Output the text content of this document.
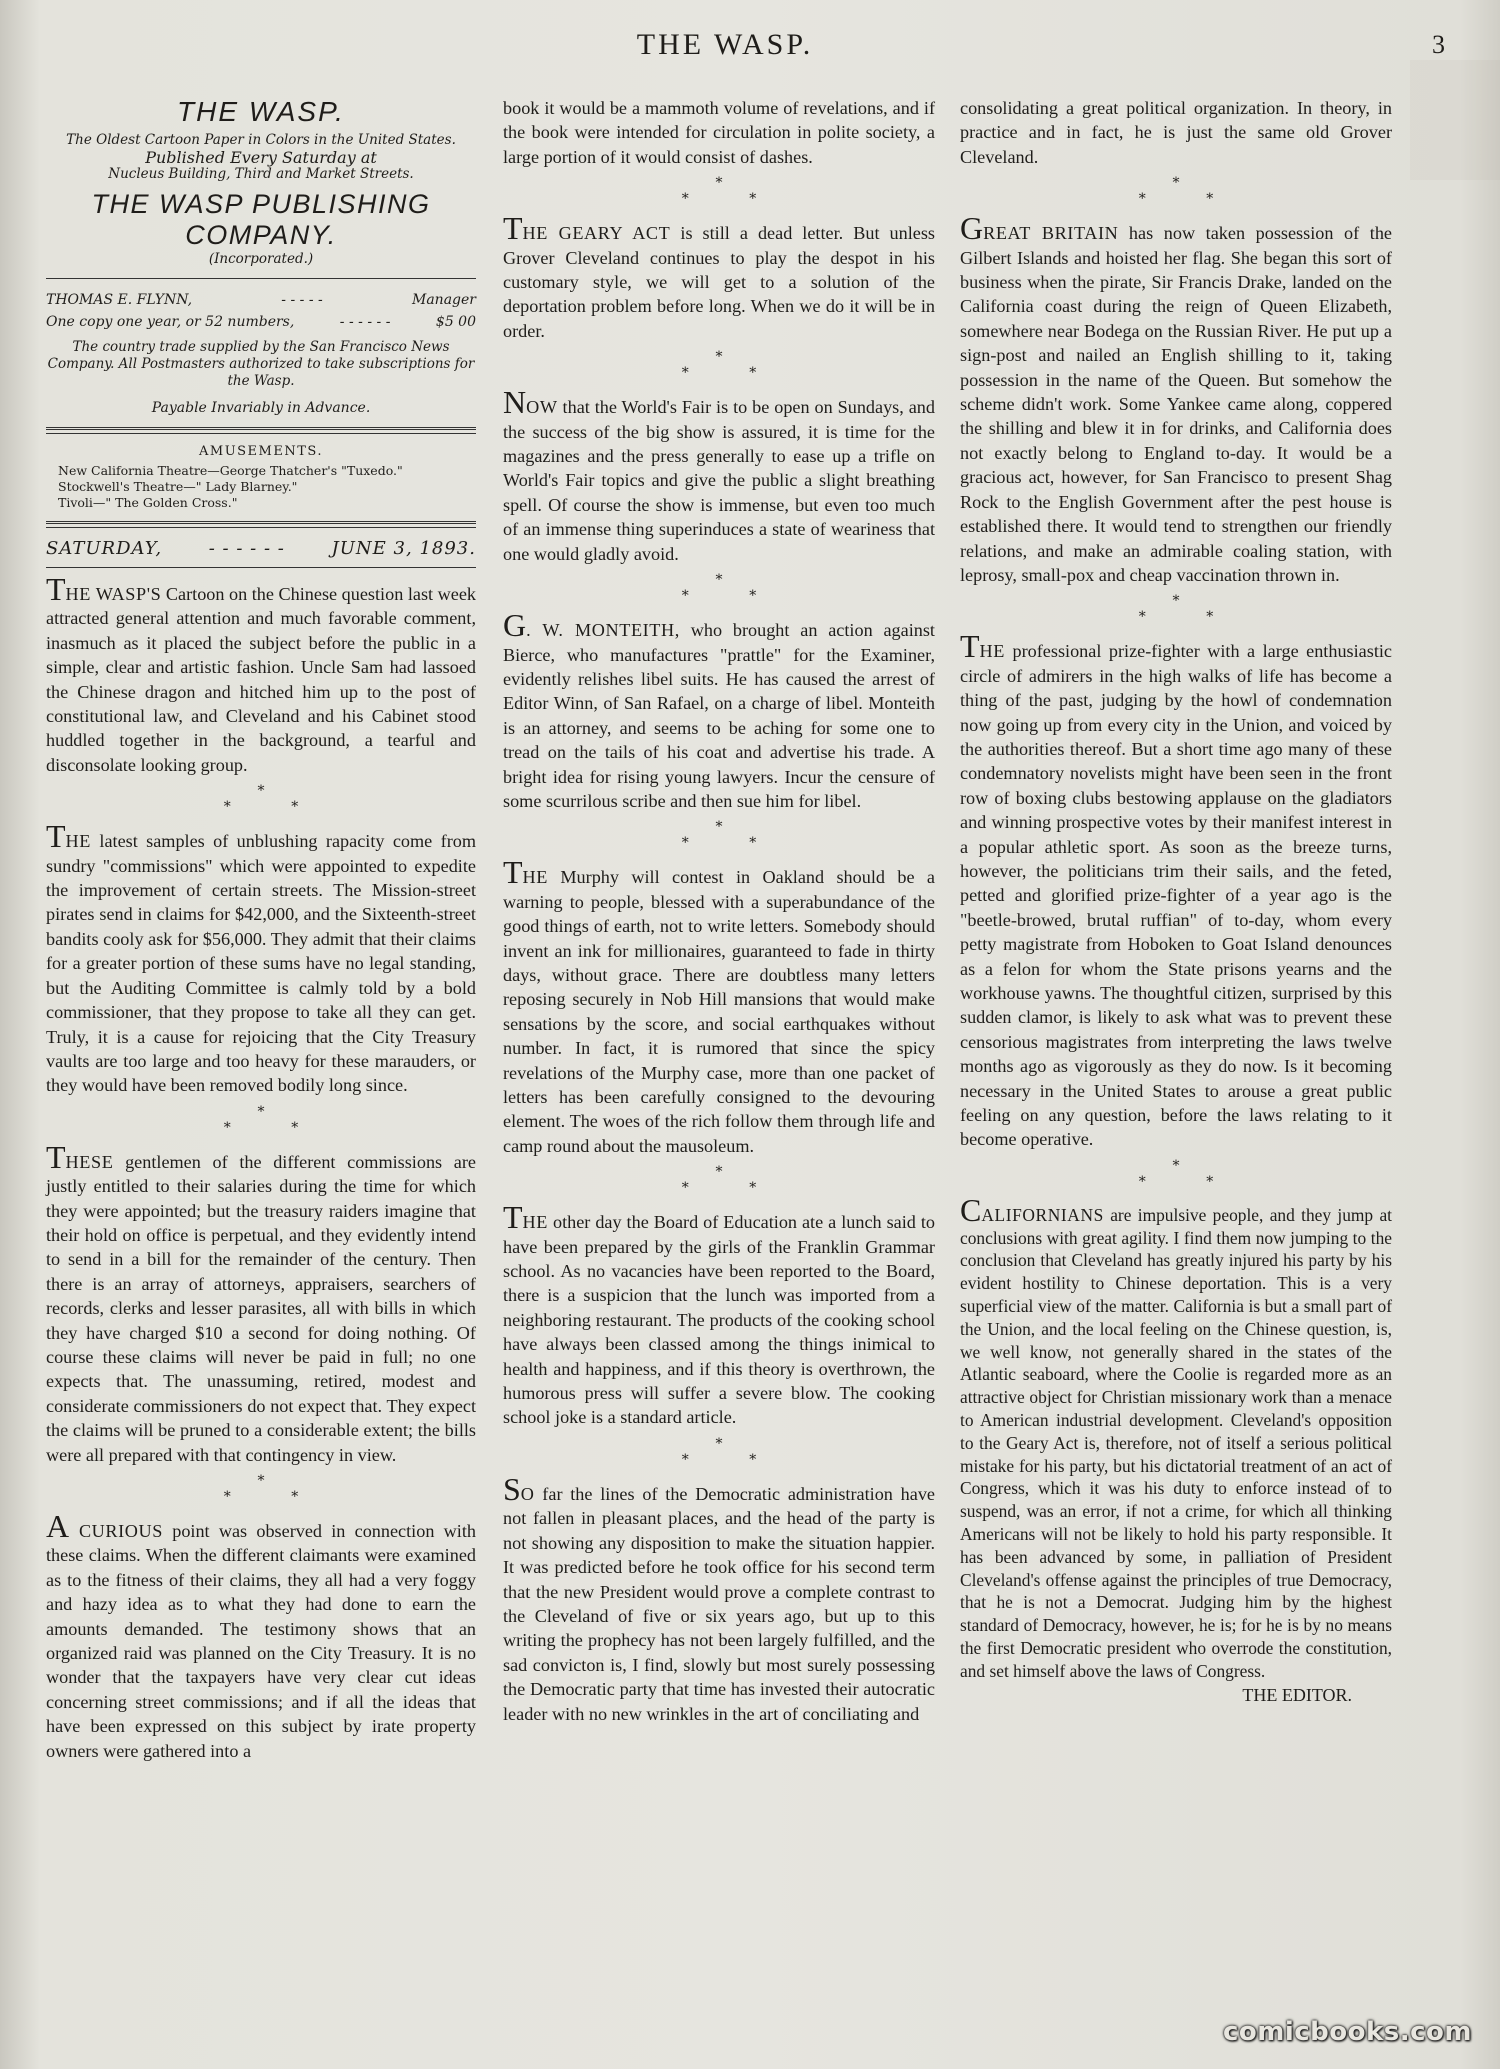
THE WASP.	3

THE WASP.

The Oldest Cartoon Paper in Colors in the United States.

Published Every Saturday at

Nucleus Building, Third and Market Streets.

THE WASP PUBLISHING COMPANY.

(Incorporated.)

THOMAS E. FLYNN,	- - - - -	Manager
One copy one year, or 52 numbers,	- - - - - -	$5 00

The country trade supplied by the San Francisco News Company. All Postmasters authorized to take subscriptions for the Wasp.

Payable Invariably in Advance.

AMUSEMENTS.

New California Theatre—George Thatcher's "Tuxedo."

Stockwell's Theatre—" Lady Blarney."

Tivoli—" The Golden Cross."

SATURDAY,	- - - - - -	JUNE 3, 1893.

THE WASP'S Cartoon on the Chinese question last week attracted general attention and much favorable comment, inasmuch as it placed the subject before the public in a simple, clear and artistic fashion. Uncle Sam had lassoed the Chinese dragon and hitched him up to the post of constitutional law, and Cleveland and his Cabinet stood huddled together in the background, a tearful and disconsolate looking group.

*
* *

THE latest samples of unblushing rapacity come from sundry "commissions" which were appointed to expedite the improvement of certain streets. The Mission-street pirates send in claims for $42,000, and the Sixteenth-street bandits cooly ask for $56,000. They admit that their claims for a greater portion of these sums have no legal standing, but the Auditing Committee is calmly told by a bold commissioner, that they propose to take all they can get. Truly, it is a cause for rejoicing that the City Treasury vaults are too large and too heavy for these marauders, or they would have been removed bodily long since.

*
* *

THESE gentlemen of the different commissions are justly entitled to their salaries during the time for which they were appointed; but the treasury raiders imagine that their hold on office is perpetual, and they evidently intend to send in a bill for the remainder of the century. Then there is an array of attorneys, appraisers, searchers of records, clerks and lesser parasites, all with bills in which they have charged $10 a second for doing nothing. Of course these claims will never be paid in full; no one expects that. The unassuming, retired, modest and considerate commissioners do not expect that. They expect the claims will be pruned to a considerable extent; the bills were all prepared with that contingency in view.

*
* *

A CURIOUS point was observed in connection with these claims. When the different claimants were examined as to the fitness of their claims, they all had a very foggy and hazy idea as to what they had done to earn the amounts demanded. The testimony shows that an organized raid was planned on the City Treasury. It is no wonder that the taxpayers have very clear cut ideas concerning street commissions; and if all the ideas that have been expressed on this subject by irate property owners were gathered into a

book it would be a mammoth volume of revelations, and if the book were intended for circulation in polite society, a large portion of it would consist of dashes.

*
* *

THE GEARY ACT is still a dead letter. But unless Grover Cleveland continues to play the despot in his customary style, we will get to a solution of the deportation problem before long. When we do it will be in order.

*
* *

NOW that the World's Fair is to be open on Sundays, and the success of the big show is assured, it is time for the magazines and the press generally to ease up a trifle on World's Fair topics and give the public a slight breathing spell. Of course the show is immense, but even too much of an immense thing superinduces a state of weariness that one would gladly avoid.

*
* *

G. W. MONTEITH, who brought an action against Bierce, who manufactures "prattle" for the Examiner, evidently relishes libel suits. He has caused the arrest of Editor Winn, of San Rafael, on a charge of libel. Monteith is an attorney, and seems to be aching for some one to tread on the tails of his coat and advertise his trade. A bright idea for rising young lawyers. Incur the censure of some scurrilous scribe and then sue him for libel.

*
* *

THE Murphy will contest in Oakland should be a warning to people, blessed with a superabundance of the good things of earth, not to write letters. Somebody should invent an ink for millionaires, guaranteed to fade in thirty days, without grace. There are doubtless many letters reposing securely in Nob Hill mansions that would make sensations by the score, and social earthquakes without number. In fact, it is rumored that since the spicy revelations of the Murphy case, more than one packet of letters has been carefully consigned to the devouring element. The woes of the rich follow them through life and camp round about the mausoleum.

*
* *

THE other day the Board of Education ate a lunch said to have been prepared by the girls of the Franklin Grammar school. As no vacancies have been reported to the Board, there is a suspicion that the lunch was imported from a neighboring restaurant. The products of the cooking school have always been classed among the things inimical to health and happiness, and if this theory is overthrown, the humorous press will suffer a severe blow. The cooking school joke is a standard article.

*
* *

SO far the lines of the Democratic administration have not fallen in pleasant places, and the head of the party is not showing any disposition to make the situation happier. It was predicted before he took office for his second term that the new President would prove a complete contrast to the Cleveland of five or six years ago, but up to this writing the prophecy has not been largely fulfilled, and the sad convicton is, I find, slowly but most surely possessing the Democratic party that time has invested their autocratic leader with no new wrinkles in the art of conciliating and

consolidating a great political organization. In theory, in practice and in fact, he is just the same old Grover Cleveland.

*
* *

GREAT BRITAIN has now taken possession of the Gilbert Islands and hoisted her flag. She began this sort of business when the pirate, Sir Francis Drake, landed on the California coast during the reign of Queen Elizabeth, somewhere near Bodega on the Russian River. He put up a sign-post and nailed an English shilling to it, taking possession in the name of the Queen. But somehow the scheme didn't work. Some Yankee came along, coppered the shilling and blew it in for drinks, and California does not exactly belong to England to-day. It would be a gracious act, however, for San Francisco to present Shag Rock to the English Government after the pest house is established there. It would tend to strengthen our friendly relations, and make an admirable coaling station, with leprosy, small-pox and cheap vaccination thrown in.

*
* *

THE professional prize-fighter with a large enthusiastic circle of admirers in the high walks of life has become a thing of the past, judging by the howl of condemnation now going up from every city in the Union, and voiced by the authorities thereof. But a short time ago many of these condemnatory novelists might have been seen in the front row of boxing clubs bestowing applause on the gladiators and winning prospective votes by their manifest interest in a popular athletic sport. As soon as the breeze turns, however, the politicians trim their sails, and the feted, petted and glorified prize-fighter of a year ago is the "beetle-browed, brutal ruffian" of to-day, whom every petty magistrate from Hoboken to Goat Island denounces as a felon for whom the State prisons yearns and the workhouse yawns. The thoughtful citizen, surprised by this sudden clamor, is likely to ask what was to prevent these censorious magistrates from interpreting the laws twelve months ago as vigorously as they do now. Is it becoming necessary in the United States to arouse a great public feeling on any question, before the laws relating to it become operative.

*
* *

CALIFORNIANS are impulsive people, and they jump at conclusions with great agility. I find them now jumping to the conclusion that Cleveland has greatly injured his party by his evident hostility to Chinese deportation. This is a very superficial view of the matter. California is but a small part of the Union, and the local feeling on the Chinese question, is, we well know, not generally shared in the states of the Atlantic seaboard, where the Coolie is regarded more as an attractive object for Christian missionary work than a menace to American industrial development. Cleveland's opposition to the Geary Act is, therefore, not of itself a serious political mistake for his party, but his dictatorial treatment of an act of Congress, which it was his duty to enforce instead of to suspend, was an error, if not a crime, for which all thinking Americans will not be likely to hold his party responsible. It has been advanced by some, in palliation of President Cleveland's offense against the principles of true Democracy, that he is not a Democrat. Judging him by the highest standard of Democracy, however, he is; for he is by no means the first Democratic president who overrode the constitution, and set himself above the laws of Congress.

THE EDITOR.
comicbooks.com
